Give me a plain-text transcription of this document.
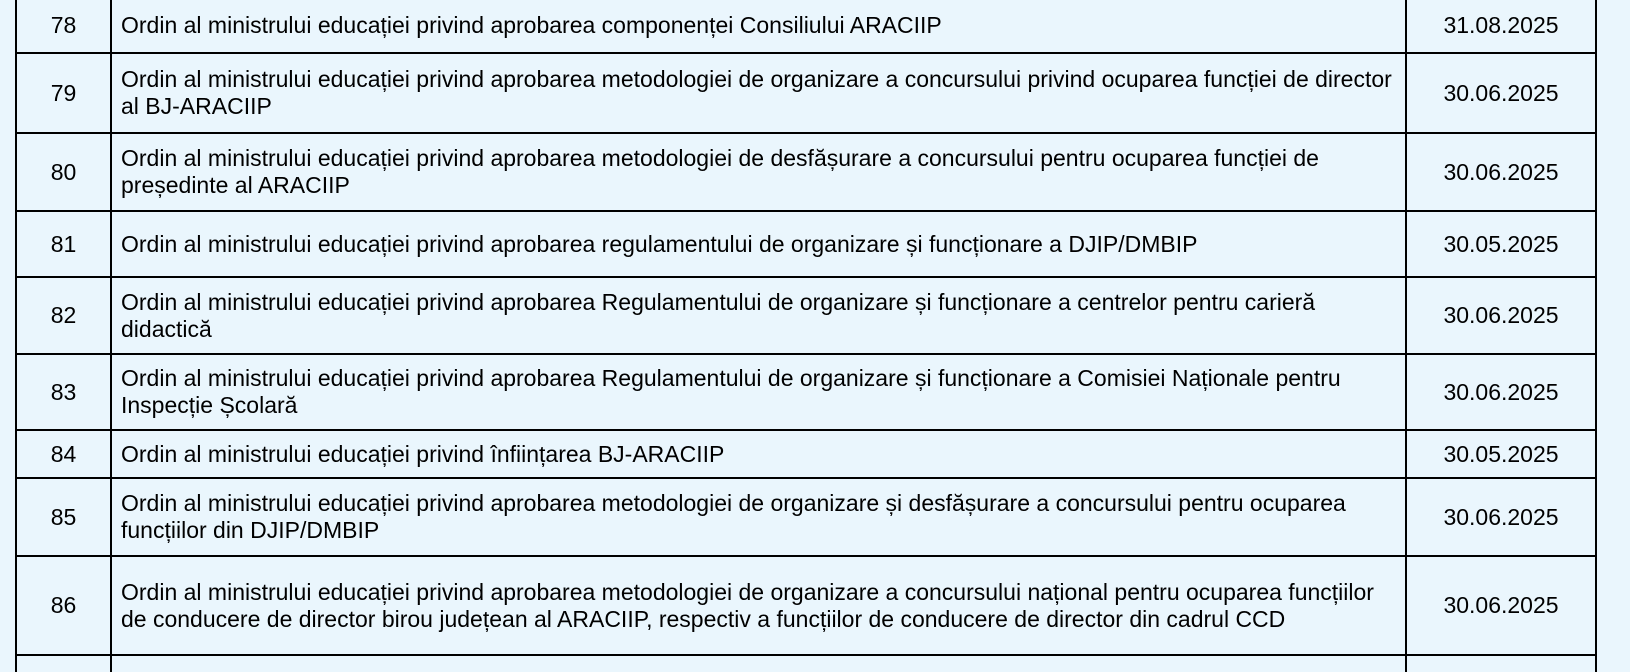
78	Ordin al ministrului educației privind aprobarea componenței Consiliului ARACIIP	31.08.2025
79	Ordin al ministrului educației privind aprobarea metodologiei de organizare a concursului privind ocuparea funcției de director al BJ-ARACIIP	30.06.2025
80	Ordin al ministrului educației privind aprobarea metodologiei de desfășurare a concursului pentru ocuparea funcției de președinte al ARACIIP	30.06.2025
81	Ordin al ministrului educației privind aprobarea regulamentului de organizare și funcționare a DJIP/DMBIP	30.05.2025
82	Ordin al ministrului educației privind aprobarea Regulamentului de organizare și funcționare a centrelor pentru carieră didactică	30.06.2025
83	Ordin al ministrului educației privind aprobarea Regulamentului de organizare și funcționare a Comisiei Naționale pentru Inspecție Școlară	30.06.2025
84	Ordin al ministrului educației privind înființarea BJ-ARACIIP	30.05.2025
85	Ordin al ministrului educației privind aprobarea metodologiei de organizare și desfășurare a concursului pentru ocuparea funcțiilor din DJIP/DMBIP	30.06.2025
86	Ordin al ministrului educației privind aprobarea metodologiei de organizare a concursului național pentru ocuparea funcțiilor de conducere de director birou județean al ARACIIP, respectiv a funcțiilor de conducere de director din cadrul CCD	30.06.2025
